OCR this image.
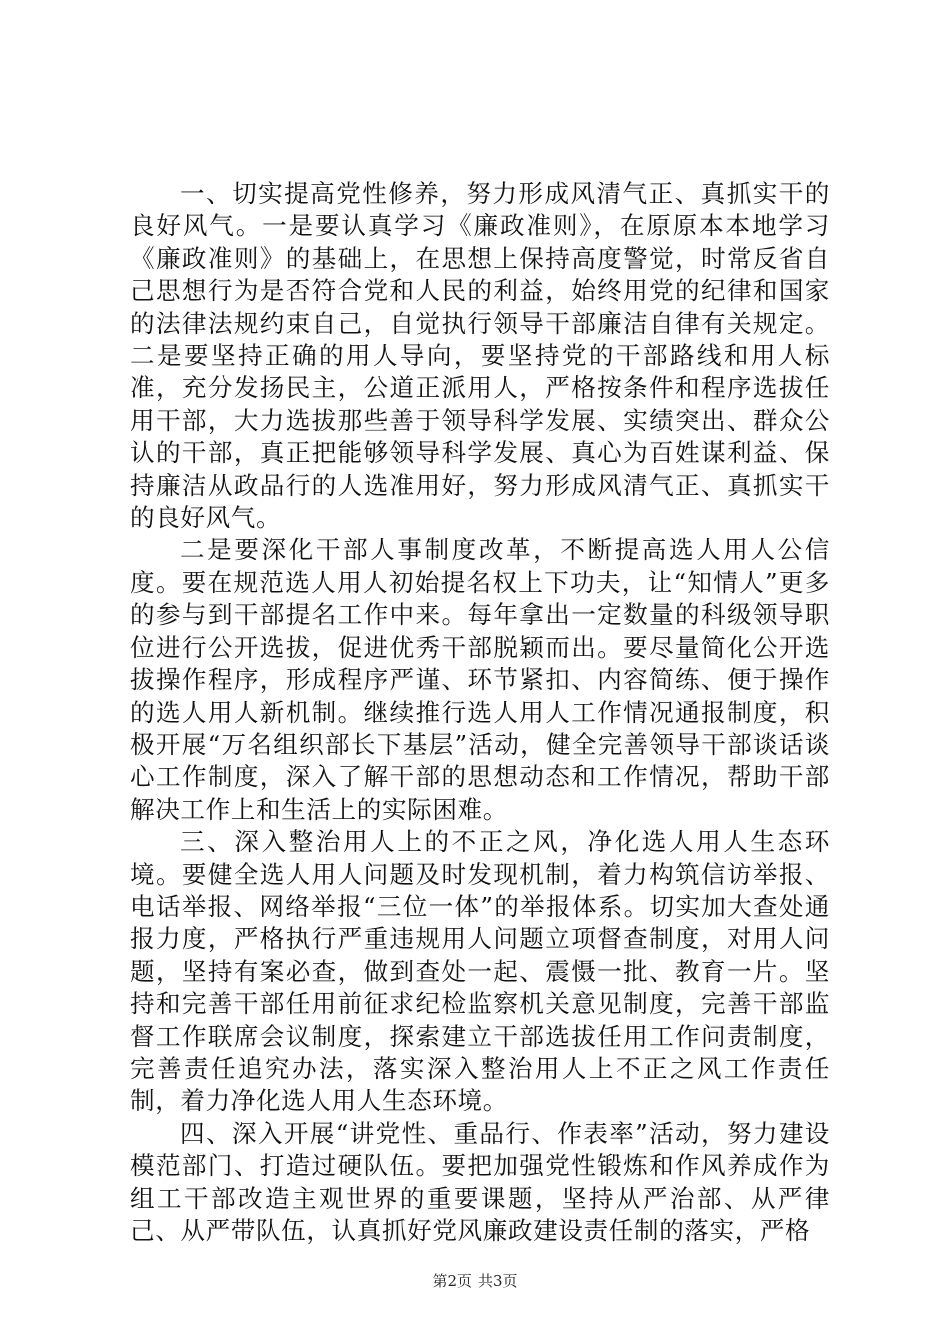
一、切实提高党性修养，努力形成风清气正、真抓实干的良好风气。一是要认真学习《廉政准则》，在原原本本地学习《廉政准则》的基础上，在思想上保持高度警觉，时常反省自己思想行为是否符合党和人民的利益，始终用党的纪律和国家的法律法规约束自己，自觉执行领导干部廉洁自律有关规定。二是要坚持正确的用人导向，要坚持党的干部路线和用人标准，充分发扬民主，公道正派用人，严格按条件和程序选拔任用干部，大力选拔那些善于领导科学发展、实绩突出、群众公认的干部，真正把能够领导科学发展、真心为百姓谋利益、保持廉洁从政品行的人选准用好，努力形成风清气正、真抓实干的良好风气。

二是要深化干部人事制度改革，不断提高选人用人公信度。要在规范选人用人初始提名权上下功夫，让“知情人”更多的参与到干部提名工作中来。每年拿出一定数量的科级领导职位进行公开选拔，促进优秀干部脱颖而出。要尽量简化公开选拔操作程序，形成程序严谨、环节紧扣、内容简练、便于操作的选人用人新机制。继续推行选人用人工作情况通报制度，积极开展“万名组织部长下基层”活动，健全完善领导干部谈话谈心工作制度，深入了解干部的思想动态和工作情况，帮助干部解决工作上和生活上的实际困难。

三、深入整治用人上的不正之风，净化选人用人生态环境。要健全选人用人问题及时发现机制，着力构筑信访举报、电话举报、网络举报“三位一体”的举报体系。切实加大查处通报力度，严格执行严重违规用人问题立项督查制度，对用人问题，坚持有案必查，做到查处一起、震慑一批、教育一片。坚持和完善干部任用前征求纪检监察机关意见制度，完善干部监督工作联席会议制度，探索建立干部选拔任用工作问责制度，完善责任追究办法，落实深入整治用人上不正之风工作责任制，着力净化选人用人生态环境。

四、深入开展“讲党性、重品行、作表率”活动，努力建设模范部门、打造过硬队伍。要把加强党性锻炼和作风养成作为组工干部改造主观世界的重要课题，坚持从严治部、从严律己、从严带队伍，认真抓好党风廉政建设责任制的落实，严格

第2页 共3页
